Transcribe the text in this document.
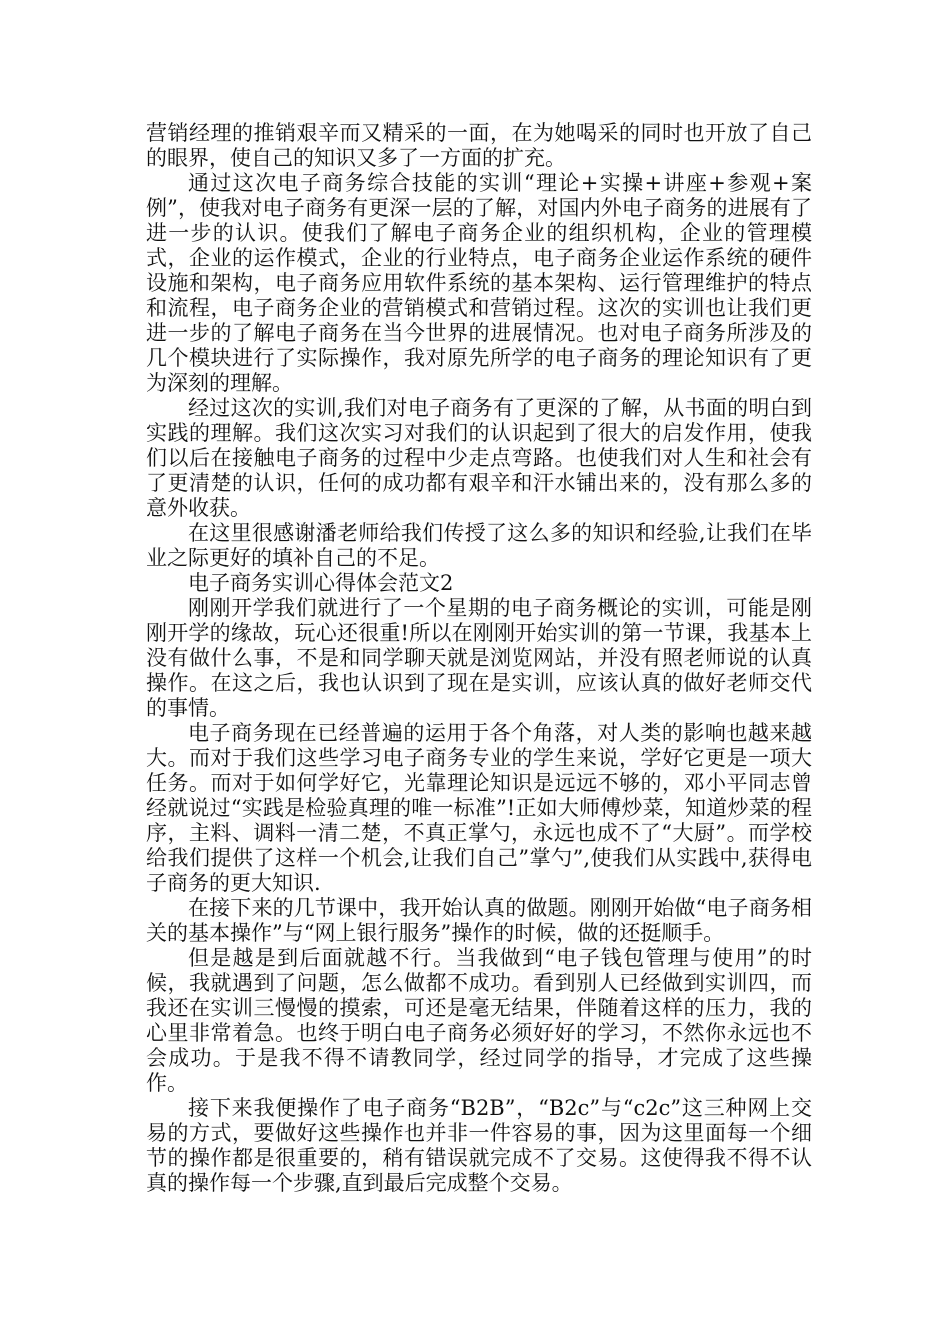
营销经理的推销艰辛而又精采的一面，在为她喝采的同时也开放了自己的眼界，使自己的知识又多了一方面的扩充。

通过这次电子商务综合技能的实训“理论+实操+讲座+参观+案例”，使我对电子商务有更深一层的了解，对国内外电子商务的进展有了进一步的认识。使我们了解电子商务企业的组织机构，企业的管理模式，企业的运作模式，企业的行业特点，电子商务企业运作系统的硬件设施和架构，电子商务应用软件系统的基本架构、运行管理维护的特点和流程，电子商务企业的营销模式和营销过程。这次的实训也让我们更进一步的了解电子商务在当今世界的进展情况。也对电子商务所涉及的几个模块进行了实际操作，我对原先所学的电子商务的理论知识有了更为深刻的理解。

经过这次的实训,我们对电子商务有了更深的了解，从书面的明白到实践的理解。我们这次实习对我们的认识起到了很大的启发作用，使我们以后在接触电子商务的过程中少走点弯路。也使我们对人生和社会有了更清楚的认识，任何的成功都有艰辛和汗水铺出来的，没有那么多的意外收获。

在这里很感谢潘老师给我们传授了这么多的知识和经验,让我们在毕业之际更好的填补自己的不足。

电子商务实训心得体会范文2

刚刚开学我们就进行了一个星期的电子商务概论的实训，可能是刚刚开学的缘故，玩心还很重!所以在刚刚开始实训的第一节课，我基本上没有做什么事，不是和同学聊天就是浏览网站，并没有照老师说的认真操作。在这之后，我也认识到了现在是实训，应该认真的做好老师交代的事情。

电子商务现在已经普遍的运用于各个角落，对人类的影响也越来越大。而对于我们这些学习电子商务专业的学生来说，学好它更是一项大任务。而对于如何学好它，光靠理论知识是远远不够的，邓小平同志曾经就说过“实践是检验真理的唯一标准”!正如大师傅炒菜，知道炒菜的程序，主料、调料一清二楚，不真正掌勺，永远也成不了“大厨”。而学校给我们提供了这样一个机会,让我们自己”掌勺”,使我们从实践中,获得电子商务的更大知识.

在接下来的几节课中，我开始认真的做题。刚刚开始做“电子商务相关的基本操作”与“网上银行服务”操作的时候，做的还挺顺手。

但是越是到后面就越不行。当我做到“电子钱包管理与使用”的时候，我就遇到了问题，怎么做都不成功。看到别人已经做到实训四，而我还在实训三慢慢的摸索，可还是毫无结果，伴随着这样的压力，我的心里非常着急。也终于明白电子商务必须好好的学习，不然你永远也不会成功。于是我不得不请教同学，经过同学的指导，才完成了这些操作。

接下来我便操作了电子商务“B2B”，“B2c”与“c2c”这三种网上交易的方式，要做好这些操作也并非一件容易的事，因为这里面每一个细节的操作都是很重要的，稍有错误就完成不了交易。这使得我不得不认真的操作每一个步骤,直到最后完成整个交易。
